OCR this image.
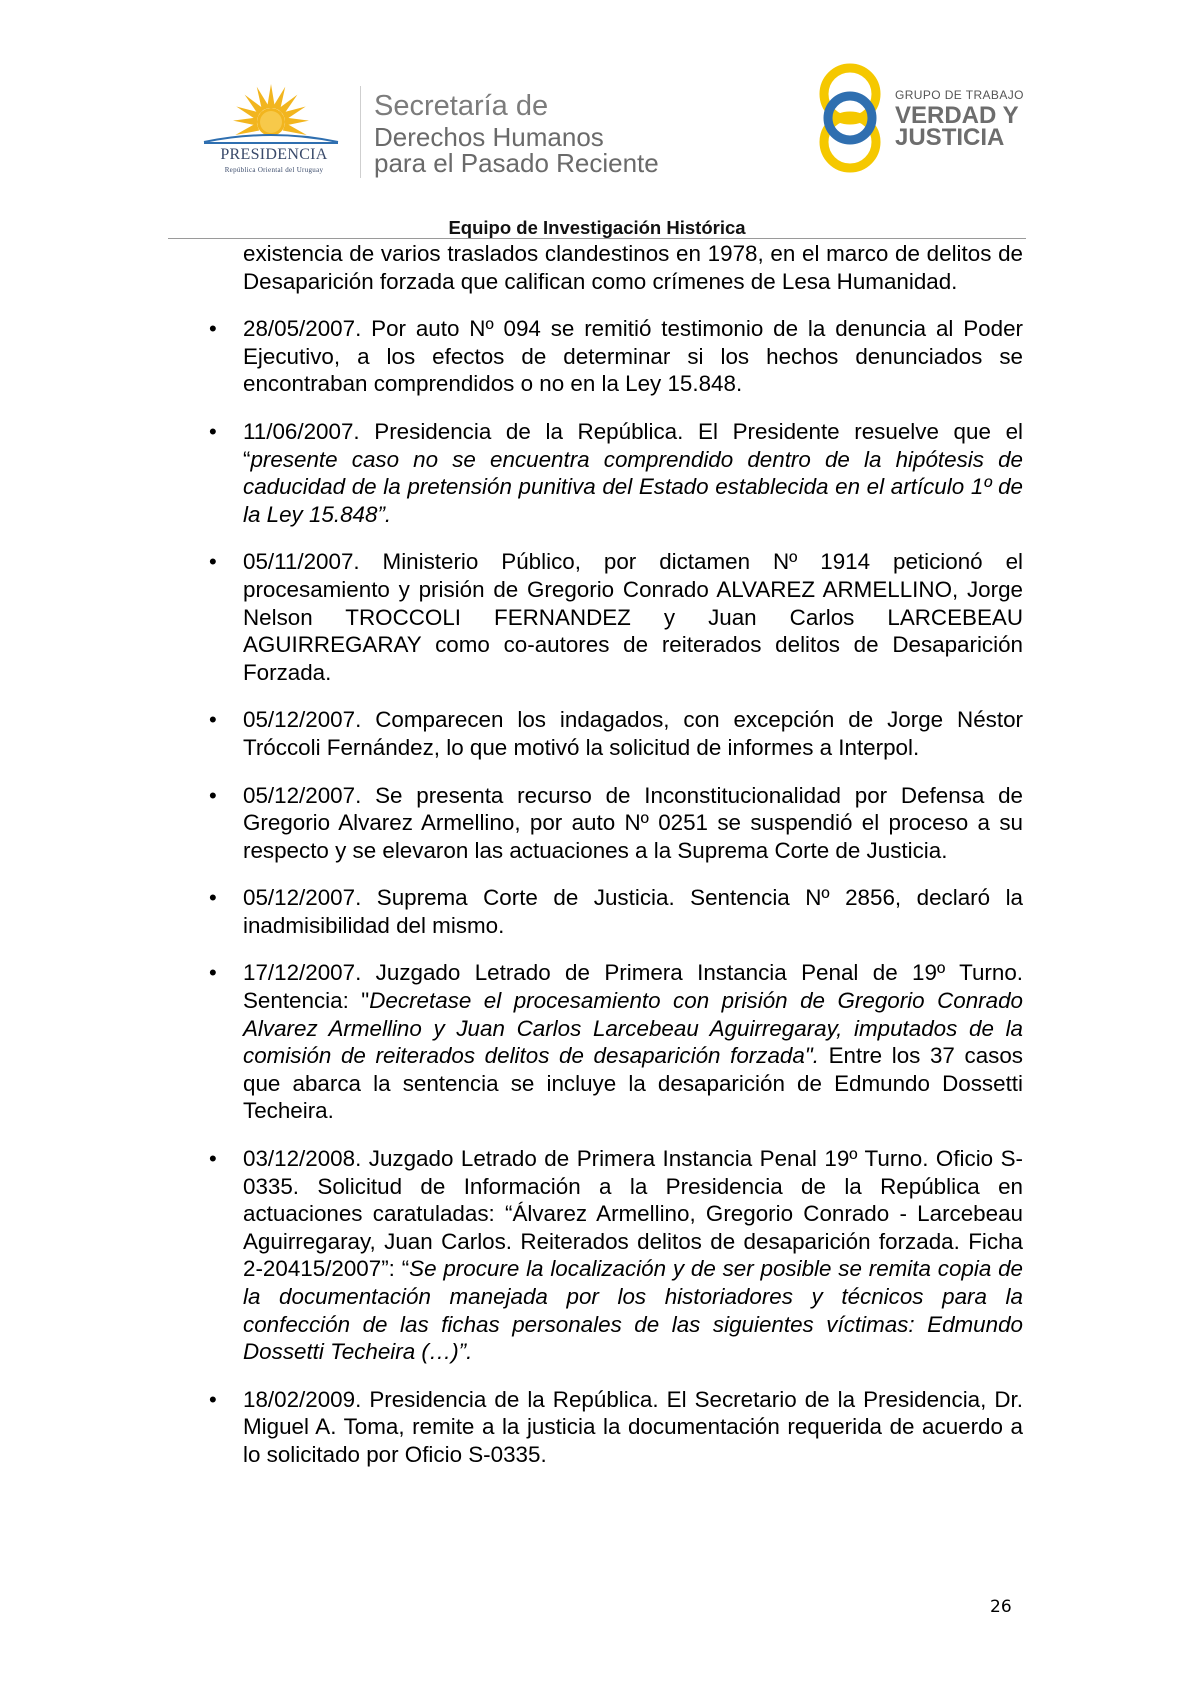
PRESIDENCIA
República Oriental del Uruguay
Secretaría de
Derechos Humanos
para el Pasado Reciente
GRUPO DE TRABAJO
VERDAD Y
JUSTICIA
Equipo de Investigación Histórica

existencia de varios traslados clandestinos en 1978, en el marco de delitos de Desaparición forzada que califican como crímenes de Lesa Humanidad.

• 28/05/2007. Por auto Nº 094 se remitió testimonio de la denuncia al Poder Ejecutivo, a los efectos de determinar si los hechos denunciados se encontraban comprendidos o no en la Ley 15.848.

• 11/06/2007. Presidencia de la República. El Presidente resuelve que el “presente caso no se encuentra comprendido dentro de la hipótesis de caducidad de la pretensión punitiva del Estado establecida en el artículo 1º de la Ley 15.848”.

• 05/11/2007. Ministerio Público, por dictamen Nº 1914 peticionó el procesamiento y prisión de Gregorio Conrado ALVAREZ ARMELLINO, Jorge Nelson TROCCOLI FERNANDEZ y Juan Carlos LARCEBEAU AGUIRREGARAY como co-autores de reiterados delitos de Desaparición Forzada.

• 05/12/2007. Comparecen los indagados, con excepción de Jorge Néstor Tróccoli Fernández, lo que motivó la solicitud de informes a Interpol.

• 05/12/2007. Se presenta recurso de Inconstitucionalidad por Defensa de Gregorio Alvarez Armellino, por auto Nº 0251 se suspendió el proceso a su respecto y se elevaron las actuaciones a la Suprema Corte de Justicia.

• 05/12/2007. Suprema Corte de Justicia. Sentencia Nº 2856, declaró la inadmisibilidad del mismo.

• 17/12/2007. Juzgado Letrado de Primera Instancia Penal de 19º Turno. Sentencia: "Decretase el procesamiento con prisión de Gregorio Conrado Alvarez Armellino y Juan Carlos Larcebeau Aguirregaray, imputados de la comisión de reiterados delitos de desaparición forzada". Entre los 37 casos que abarca la sentencia se incluye la desaparición de Edmundo Dossetti Techeira.

• 03/12/2008. Juzgado Letrado de Primera Instancia Penal 19º Turno. Oficio S-0335. Solicitud de Información a la Presidencia de la República en actuaciones caratuladas: “Álvarez Armellino, Gregorio Conrado - Larcebeau Aguirregaray, Juan Carlos. Reiterados delitos de desaparición forzada. Ficha 2-20415/2007”: “Se procure la localización y de ser posible se remita copia de la documentación manejada por los historiadores y técnicos para la confección de las fichas personales de las siguientes víctimas: Edmundo Dossetti Techeira (…)”.

• 18/02/2009. Presidencia de la República. El Secretario de la Presidencia, Dr. Miguel A. Toma, remite a la justicia la documentación requerida de acuerdo a lo solicitado por Oficio S-0335.

26
